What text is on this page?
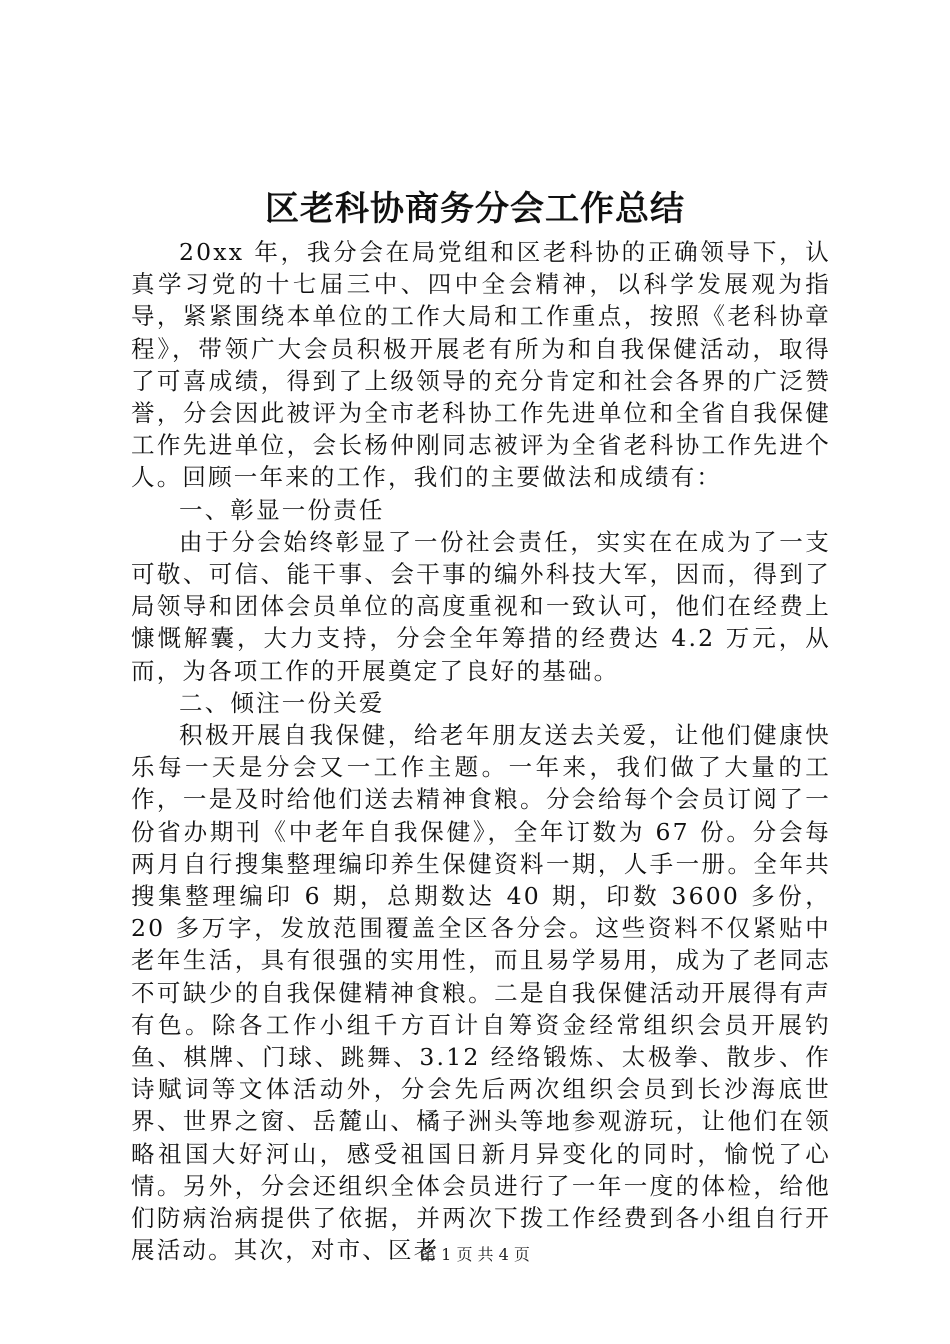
区老科协商务分会工作总结

20xx 年，我分会在局党组和区老科协的正确领导下，认真学习党的十七届三中、四中全会精神，以科学发展观为指导，紧紧围绕本单位的工作大局和工作重点，按照《老科协章程》，带领广大会员积极开展老有所为和自我保健活动，取得了可喜成绩，得到了上级领导的充分肯定和社会各界的广泛赞誉，分会因此被评为全市老科协工作先进单位和全省自我保健工作先进单位，会长杨仲刚同志被评为全省老科协工作先进个人。回顾一年来的工作，我们的主要做法和成绩有：

一、彰显一份责任

由于分会始终彰显了一份社会责任，实实在在成为了一支可敬、可信、能干事、会干事的编外科技大军，因而，得到了局领导和团体会员单位的高度重视和一致认可，他们在经费上慷慨解囊，大力支持，分会全年筹措的经费达 4.2 万元，从而，为各项工作的开展奠定了良好的基础。

二、倾注一份关爱

积极开展自我保健，给老年朋友送去关爱，让他们健康快乐每一天是分会又一工作主题。一年来，我们做了大量的工作，一是及时给他们送去精神食粮。分会给每个会员订阅了一份省办期刊《中老年自我保健》，全年订数为 67 份。分会每两月自行搜集整理编印养生保健资料一期，人手一册。全年共搜集整理编印 6 期，总期数达 40 期，印数 3600 多份，20 多万字，发放范围覆盖全区各分会。这些资料不仅紧贴中老年生活，具有很强的实用性，而且易学易用，成为了老同志不可缺少的自我保健精神食粮。二是自我保健活动开展得有声有色。除各工作小组千方百计自筹资金经常组织会员开展钓鱼、棋牌、门球、跳舞、3.12 经络锻炼、太极拳、散步、作诗赋词等文体活动外，分会先后两次组织会员到长沙海底世界、世界之窗、岳麓山、橘子洲头等地参观游玩，让他们在领略祖国大好河山，感受祖国日新月异变化的同时，愉悦了心情。另外，分会还组织全体会员进行了一年一度的体检，给他们防病治病提供了依据，并两次下拨工作经费到各小组自行开展活动。其次，对市、区老

第 1 页 共 4 页
